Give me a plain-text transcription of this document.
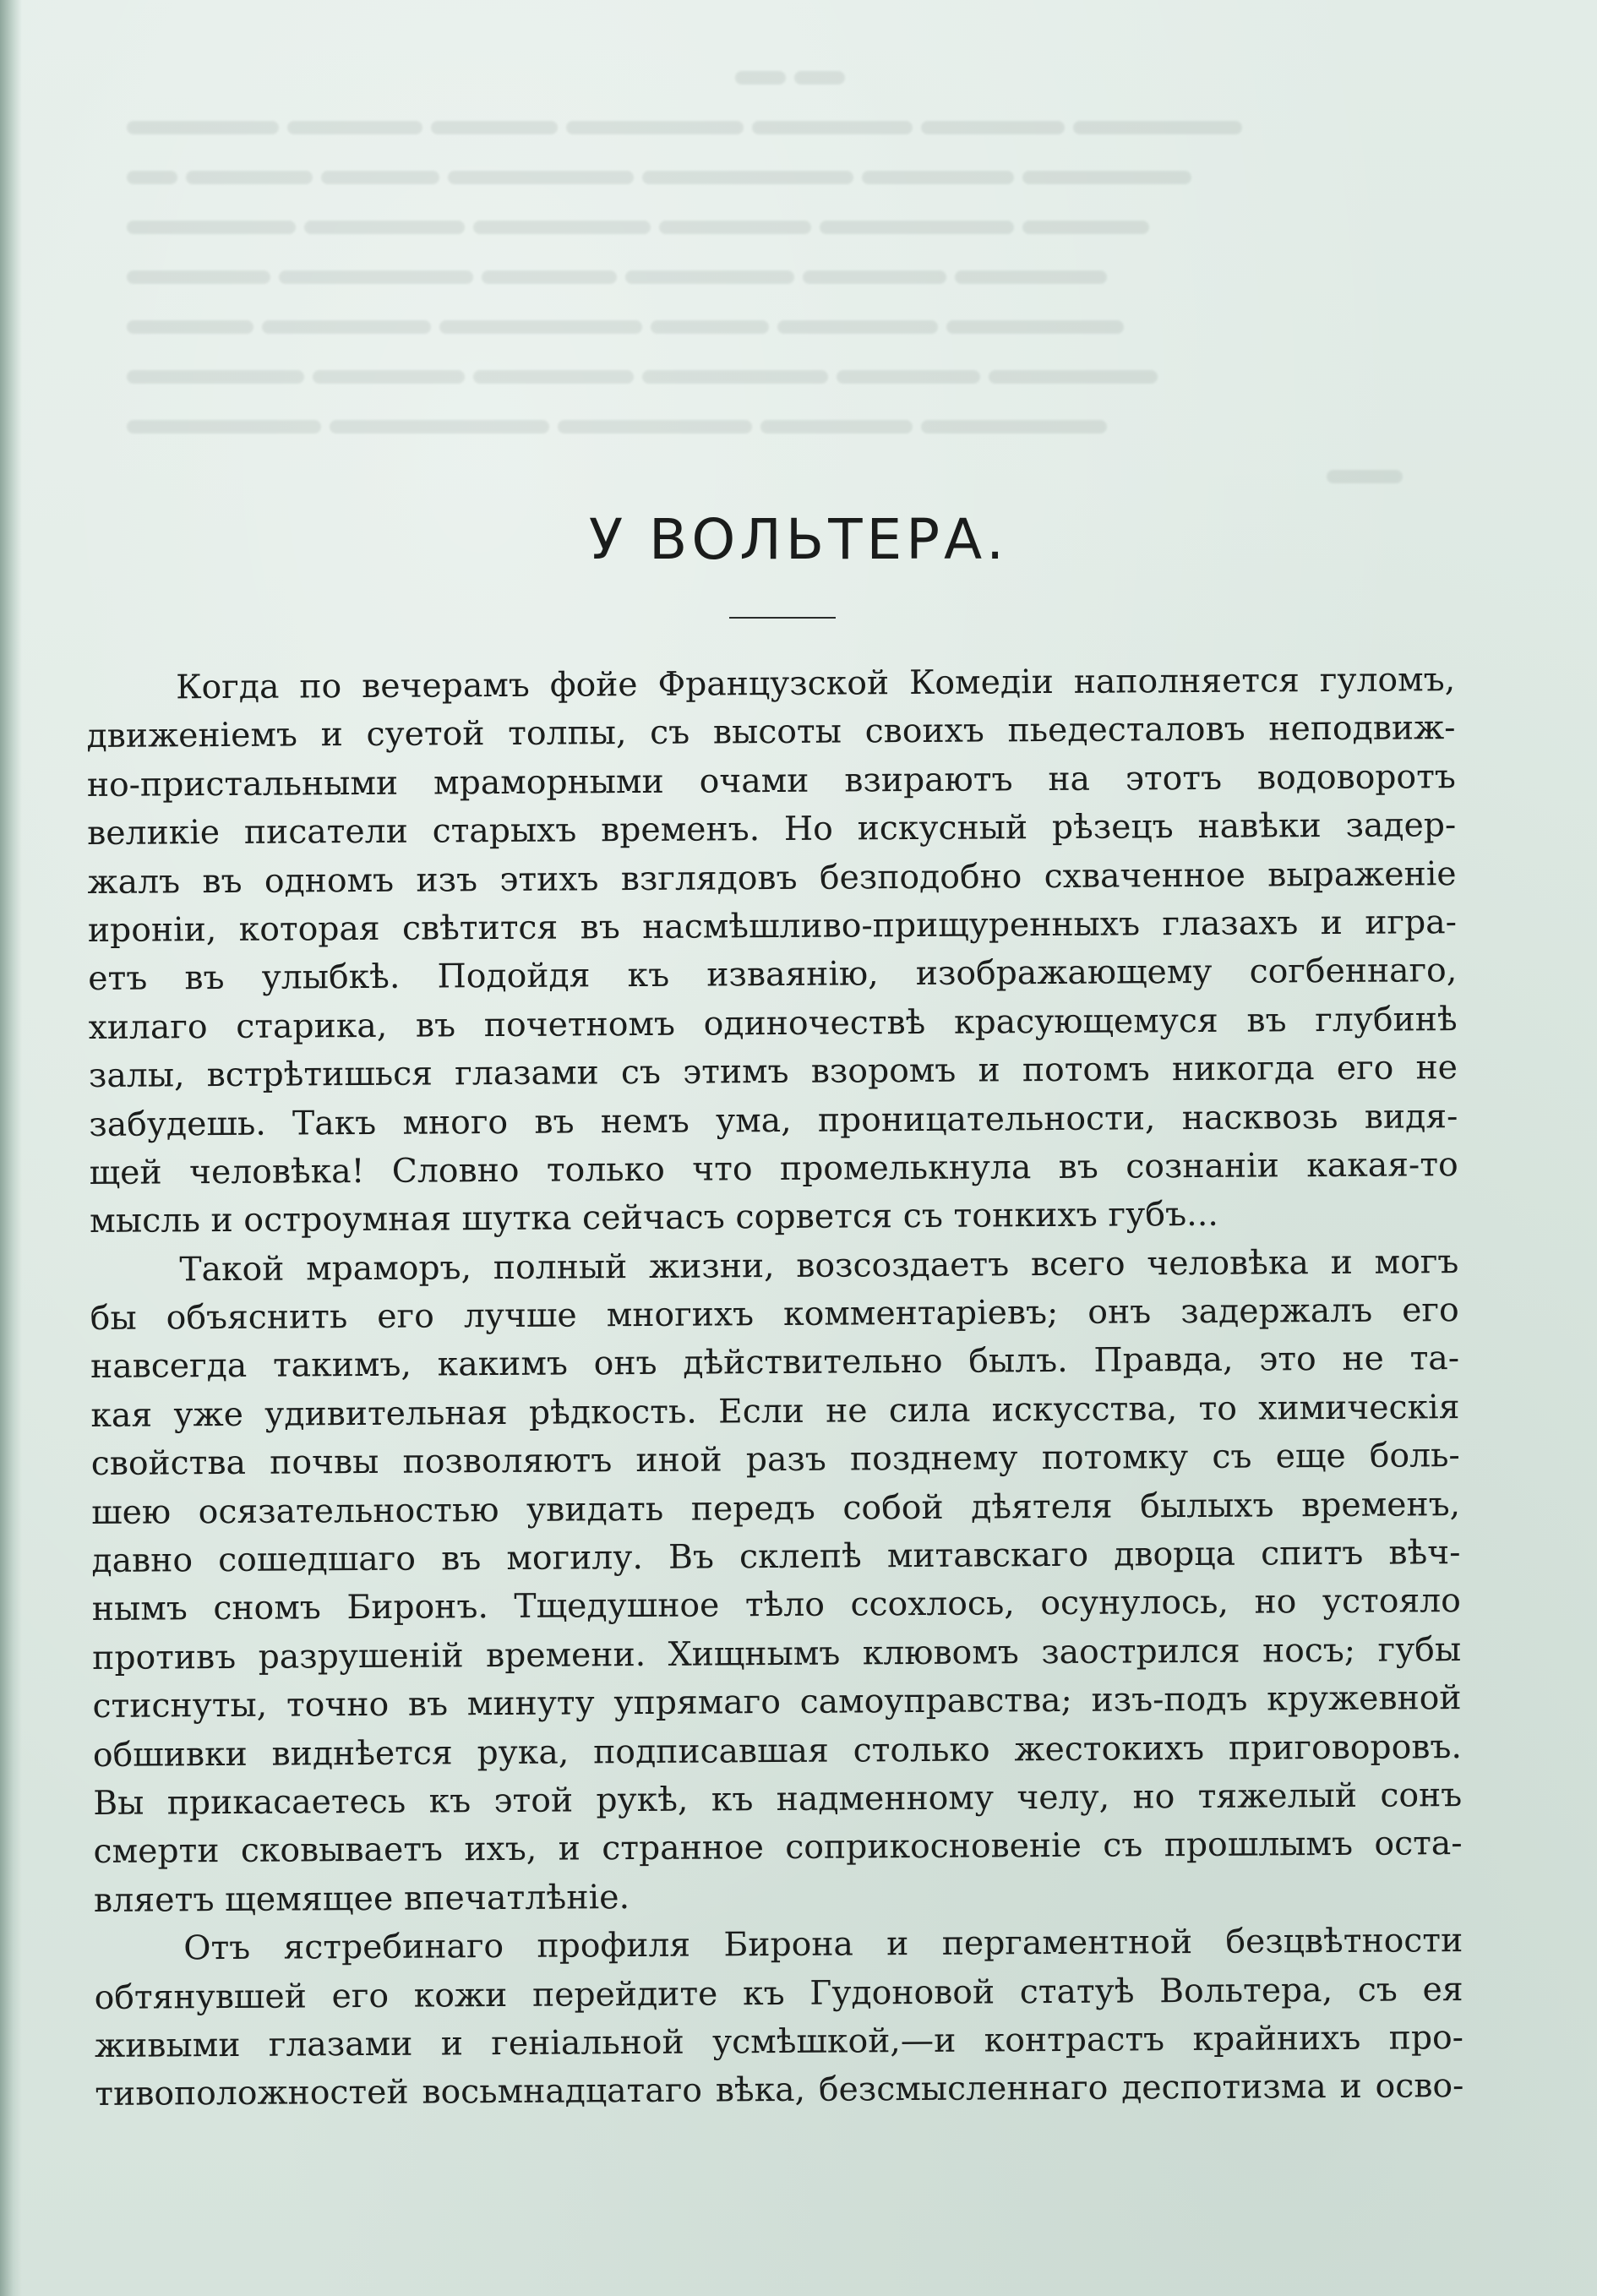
У ВОЛЬТЕРА.
Когда по вечерамъ фойе Французской Комедіи наполняется гуломъ,
движеніемъ и суетой толпы, съ высоты своихъ пьедесталовъ неподвиж-
но-пристальными мраморными очами взираютъ на этотъ водоворотъ
великіе писатели старыхъ временъ. Но искусный рѣзецъ навѣки задер-
жалъ въ одномъ изъ этихъ взглядовъ безподобно схваченное выраженіе
ироніи, которая свѣтится въ насмѣшливо-прищуренныхъ глазахъ и игра-
етъ въ улыбкѣ. Подойдя къ изваянію, изображающему согбеннаго,
хилаго старика, въ почетномъ одиночествѣ красующемуся въ глубинѣ
залы, встрѣтишься глазами съ этимъ взоромъ и потомъ никогда его не
забудешь. Такъ много въ немъ ума, проницательности, насквозь видя-
щей человѣка! Словно только что промелькнула въ сознаніи какая-то
мысль и остроумная шутка сейчасъ сорвется съ тонкихъ губъ...
Такой мраморъ, полный жизни, возсоздаетъ всего человѣка и могъ
бы объяснить его лучше многихъ комментаріевъ; онъ задержалъ его
навсегда такимъ, какимъ онъ дѣйствительно былъ. Правда, это не та-
кая уже удивительная рѣдкость. Если не сила искусства, то химическія
свойства почвы позволяютъ иной разъ позднему потомку съ еще боль-
шею осязательностью увидать передъ собой дѣятеля былыхъ временъ,
давно сошедшаго въ могилу. Въ склепѣ митавскаго дворца спитъ вѣч-
нымъ сномъ Биронъ. Тщедушное тѣло ссохлось, осунулось, но устояло
противъ разрушеній времени. Хищнымъ клювомъ заострился носъ; губы
стиснуты, точно въ минуту упрямаго самоуправства; изъ-подъ кружевной
обшивки виднѣется рука, подписавшая столько жестокихъ приговоровъ.
Вы прикасаетесь къ этой рукѣ, къ надменному челу, но тяжелый сонъ
смерти сковываетъ ихъ, и странное соприкосновеніе съ прошлымъ оста-
вляетъ щемящее впечатлѣніе.
Отъ ястребинаго профиля Бирона и пергаментной безцвѣтности
обтянувшей его кожи перейдите къ Гудоновой статуѣ Вольтера, съ ея
живыми глазами и геніальной усмѣшкой,—и контрастъ крайнихъ про-
тивоположностей восьмнадцатаго вѣка, безсмысленнаго деспотизма и осво-
